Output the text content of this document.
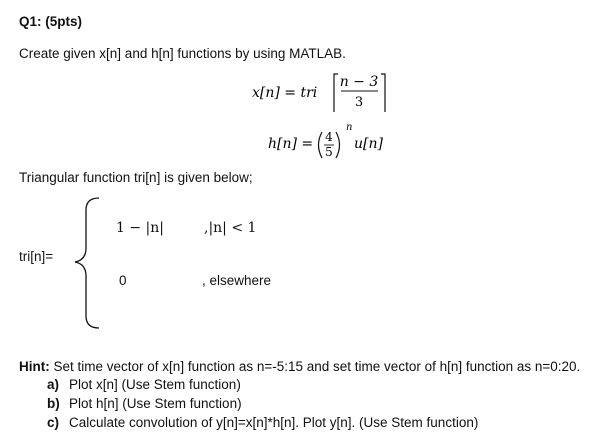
Q1: (5pts)
Create given x[n] and h[n] functions by using MATLAB.
x[n] = tri
n − 3
3
h[n] = 4
5
n
u[n]
Triangular function tri[n] is given below;
tri[n]=
1 − |n|	,|n| < 1
0	, elsewhere
Hint: Set time vector of x[n] function as n=-5:15 and set time vector of h[n] function as n=0:20.
a) Plot x[n] (Use Stem function)
b) Plot h[n] (Use Stem function)
c) Calculate convolution of y[n]=x[n]*h[n]. Plot y[n]. (Use Stem function)
